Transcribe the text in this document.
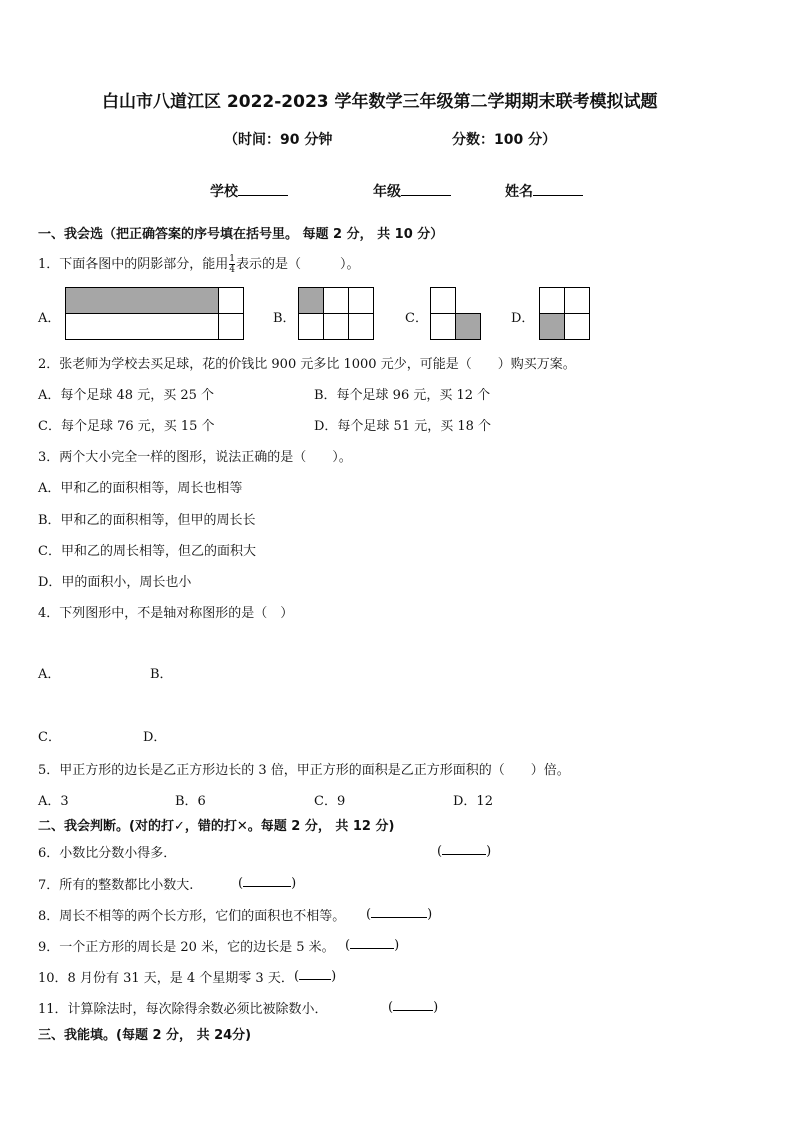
白山市八道江区 2022-2023 学年数学三年级第二学期期末联考模拟试题
（时间：90 分钟	分数：100 分）
学校	年级	姓名
一、我会选（把正确答案的序号填在括号里。 每题 2 分， 共 10 分）
1．下面各图中的阴影部分，能用 $\frac{1}{4}$ 表示的是（　　　）。
A．	B．	C．	D．
2．张老师为学校去买足球，花的价钱比 900 元多比 1000 元少，可能是（　　）购买万案。
A．每个足球 48 元，买 25 个	B．每个足球 96 元，买 12 个
C．每个足球 76 元，买 15 个	D．每个足球 51 元，买 18 个
3．两个大小完全一样的图形，说法正确的是（　　）。
A．甲和乙的面积相等，周长也相等
B．甲和乙的面积相等，但甲的周长长
C．甲和乙的周长相等，但乙的面积大
D．甲的面积小，周长也小
4．下列图形中，不是轴对称图形的是（　）
A．	B．
C．	D．
5．甲正方形的边长是乙正方形边长的 3 倍，甲正方形的面积是乙正方形面积的（　　）倍。
A．3	B．6	C．9	D．12
二、我会判断。(对的打✓，错的打✕。每题 2 分， 共 12 分)
6．小数比分数小得多．	(	)
7．所有的整数都比小数大.	(	)
8．周长不相等的两个长方形，它们的面积也不相等。 (	)
9．一个正方形的周长是 20 米，它的边长是 5 米。 (	)
10．8 月份有 31 天，是 4 个星期零 3 天． ( )
11．计算除法时，每次除得余数必须比被除数小．	(	)
三、我能填。(每题 2 分， 共 24分)
